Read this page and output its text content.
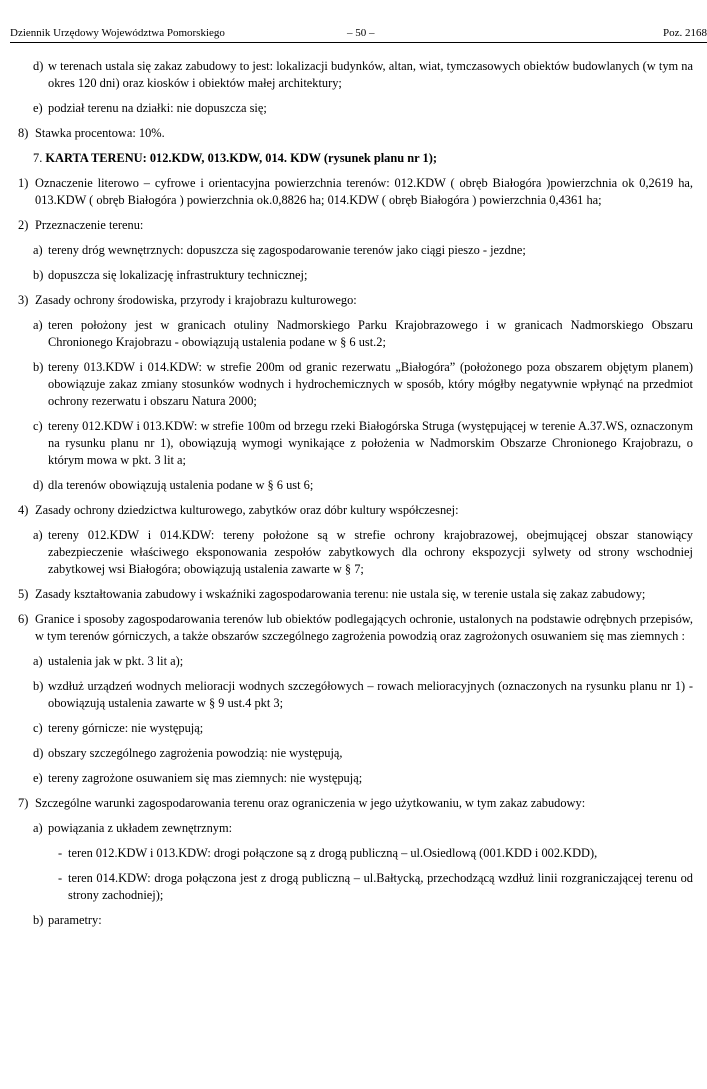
Dziennik Urzędowy Województwa Pomorskiego	– 50 –	Poz. 2168
d) w terenach ustala się zakaz zabudowy to jest: lokalizacji budynków, altan, wiat, tymczasowych obiektów budowlanych (w tym na okres 120 dni) oraz kiosków i obiektów małej architektury;
e) podział terenu na działki: nie dopuszcza się;
8) Stawka procentowa: 10%.
7. KARTA TERENU: 012.KDW, 013.KDW, 014. KDW (rysunek planu nr 1);
1) Oznaczenie literowo – cyfrowe i orientacyjna powierzchnia terenów: 012.KDW ( obręb Białogóra )powierzchnia ok 0,2619 ha, 013.KDW ( obręb Białogóra ) powierzchnia ok.0,8826 ha; 014.KDW ( obręb Białogóra ) powierzchnia 0,4361 ha;
2) Przeznaczenie terenu:
a) tereny dróg wewnętrznych: dopuszcza się zagospodarowanie terenów jako ciągi pieszo - jezdne;
b) dopuszcza się lokalizację infrastruktury technicznej;
3) Zasady ochrony środowiska, przyrody i krajobrazu kulturowego:
a) teren położony jest w granicach otuliny Nadmorskiego Parku Krajobrazowego i w granicach Nadmorskiego Obszaru Chronionego Krajobrazu - obowiązują ustalenia podane w § 6 ust.2;
b) tereny 013.KDW i 014.KDW: w strefie 200m od granic rezerwatu „Białogóra” (położonego poza obszarem objętym planem) obowiązuje zakaz zmiany stosunków wodnych i hydrochemicznych w sposób, który mógłby negatywnie wpłynąć na przedmiot ochrony rezerwatu i obszaru Natura 2000;
c) tereny 012.KDW i 013.KDW: w strefie 100m od brzegu rzeki Białogórska Struga (występującej w terenie A.37.WS, oznaczonym na rysunku planu nr 1), obowiązują wymogi wynikające z położenia w Nadmorskim Obszarze Chronionego Krajobrazu, o którym mowa w pkt. 3 lit a;
d) dla terenów obowiązują ustalenia podane w § 6 ust 6;
4) Zasady ochrony dziedzictwa kulturowego, zabytków oraz dóbr kultury współczesnej:
a) tereny 012.KDW i 014.KDW: tereny położone są w strefie ochrony krajobrazowej, obejmującej obszar stanowiący zabezpieczenie właściwego eksponowania zespołów zabytkowych dla ochrony ekspozycji sylwety od strony wschodniej zabytkowej wsi Białogóra; obowiązują ustalenia zawarte w § 7;
5) Zasady kształtowania zabudowy i wskaźniki zagospodarowania terenu: nie ustala się, w terenie ustala się zakaz zabudowy;
6) Granice i sposoby zagospodarowania terenów lub obiektów podlegających ochronie, ustalonych na podstawie odrębnych przepisów, w tym terenów górniczych, a także obszarów szczególnego zagrożenia powodzią oraz zagrożonych osuwaniem się mas ziemnych :
a) ustalenia jak w pkt. 3 lit a);
b) wzdłuż urządzeń wodnych melioracji wodnych szczegółowych – rowach melioracyjnych (oznaczonych na rysunku planu nr 1) - obowiązują ustalenia zawarte w § 9 ust.4 pkt 3;
c) tereny górnicze: nie występują;
d) obszary szczególnego zagrożenia powodzią: nie występują,
e) tereny zagrożone osuwaniem się mas ziemnych: nie występują;
7) Szczególne warunki zagospodarowania terenu oraz ograniczenia w jego użytkowaniu, w tym zakaz zabudowy:
a) powiązania z układem zewnętrznym:
- teren 012.KDW i 013.KDW: drogi połączone są z drogą publiczną – ul.Osiedlową (001.KDD i 002.KDD),
- teren 014.KDW: droga połączona jest z drogą publiczną – ul.Bałtycką, przechodzącą wzdłuż linii rozgraniczającej terenu od strony zachodniej);
b) parametry:
